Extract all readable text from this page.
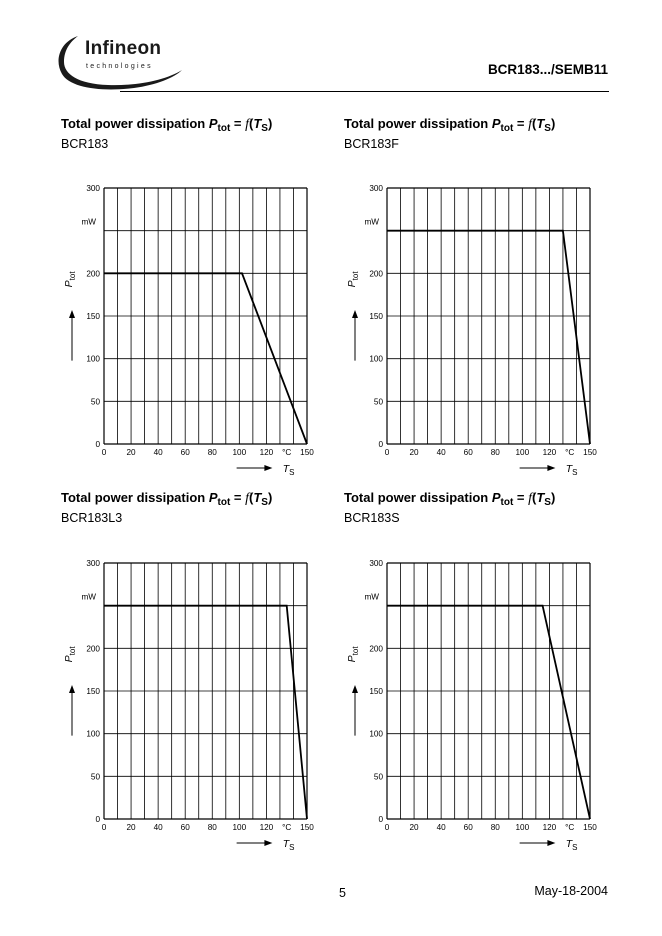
Infineon
technologies	BCR183.../SEMB11
Total power dissipation $P_{tot} = f(T_S)$
BCR183
Total power dissipation $P_{tot} = f(T_S)$
BCR183F
Total power dissipation $P_{tot} = f(T_S)$
BCR183L3
Total power dissipation $P_{tot} = f(T_S)$
BCR183S
0
50
100
150
200
300
mW
0 20 40 60 80 100 120	150
°C
$P_{tot}$
$T_S$
0
50
100
150
200
300
mW
0 20 40 60 80 100 120	150
°C
$P_{tot}$
$T_S$
0
50
100
150
200
300
mW
0 20 40 60 80 100 120	150
°C
$P_{tot}$
$T_S$
0
50
100
150
200
300
mW
0 20 40 60 80 100 120	150
°C
$P_{tot}$
$T_S$
5	May-18-2004
